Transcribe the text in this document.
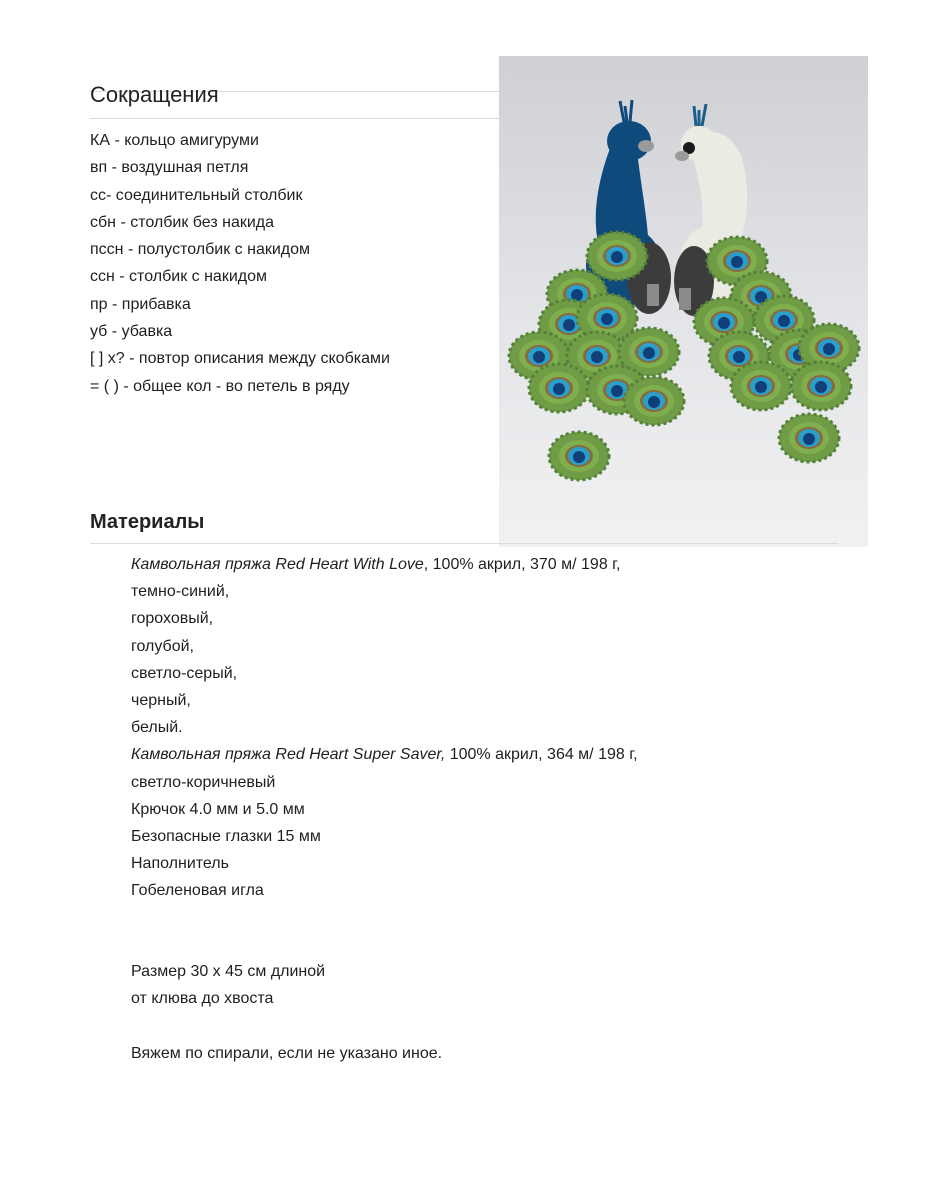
Сокращения
КА - кольцо амигуруми
вп - воздушная петля
сс- соединительный столбик
сбн - столбик без накида
пссн - полустолбик с накидом
ссн - столбик с накидом
пр - прибавка
уб - убавка
[ ] х? - повтор описания между скобками
= ( ) - общее кол - во петель в ряду
Материалы
Камвольная пряжа Red Heart With Love, 100% акрил, 370 м/ 198 г,
темно-синий,
гороховый,
голубой,
светло-серый,
черный,
белый.
Камвольная пряжа Red Heart Super Saver, 100% акрил, 364 м/ 198 г,
светло-коричневый
Крючок 4.0 мм и 5.0 мм
Безопасные глазки 15 мм
Наполнитель
Гобеленовая игла

Размер 30 х 45 см длиной

от клюва до хвоста

Вяжем по спирали, если не указано иное.
